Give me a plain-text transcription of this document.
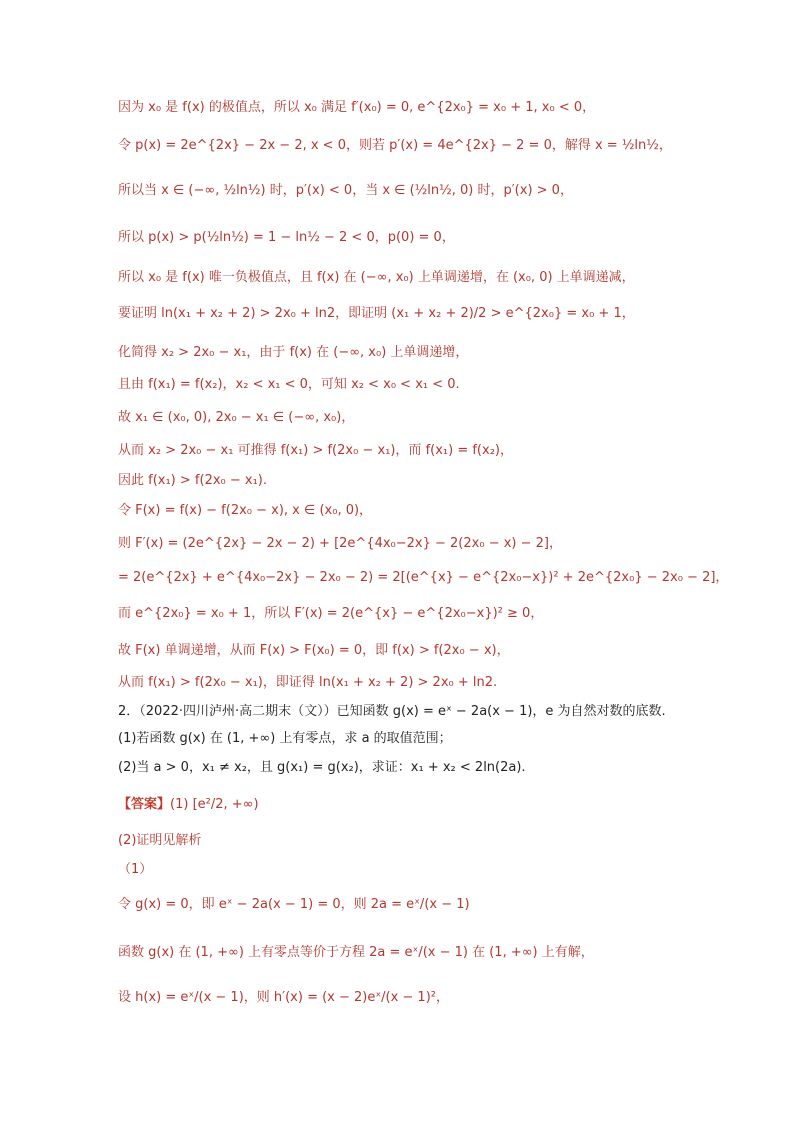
因为 x₀ 是 f(x) 的极值点，所以 x₀ 满足 f′(x₀) = 0, e^{2x₀} = x₀ + 1, x₀ < 0，
令 p(x) = 2e^{2x} − 2x − 2, x < 0，则若 p′(x) = 4e^{2x} − 2 = 0，解得 x = ½ln½，
所以当 x ∈ (−∞, ½ln½) 时，p′(x) < 0，当 x ∈ (½ln½, 0) 时，p′(x) > 0，
所以 p(x) > p(½ln½) = 1 − ln½ − 2 < 0，p(0) = 0，
所以 x₀ 是 f(x) 唯一负极值点，且 f(x) 在 (−∞, x₀) 上单调递增，在 (x₀, 0) 上单调递减，
要证明 ln(x₁ + x₂ + 2) > 2x₀ + ln2，即证明 (x₁ + x₂ + 2)/2 > e^{2x₀} = x₀ + 1，
化简得 x₂ > 2x₀ − x₁，由于 f(x) 在 (−∞, x₀) 上单调递增，
且由 f(x₁) = f(x₂)，x₂ < x₁ < 0，可知 x₂ < x₀ < x₁ < 0.
故 x₁ ∈ (x₀, 0), 2x₀ − x₁ ∈ (−∞, x₀)，
从而 x₂ > 2x₀ − x₁ 可推得 f(x₁) > f(2x₀ − x₁)，而 f(x₁) = f(x₂)，
因此 f(x₁) > f(2x₀ − x₁).
令 F(x) = f(x) − f(2x₀ − x), x ∈ (x₀, 0)，
则 F′(x) = (2e^{2x} − 2x − 2) + [2e^{4x₀−2x} − 2(2x₀ − x) − 2]，
= 2(e^{2x} + e^{4x₀−2x} − 2x₀ − 2) = 2[(e^{x} − e^{2x₀−x})² + 2e^{2x₀} − 2x₀ − 2]，
而 e^{2x₀} = x₀ + 1，所以 F′(x) = 2(e^{x} − e^{2x₀−x})² ≥ 0，
故 F(x) 单调递增，从而 F(x) > F(x₀) = 0，即 f(x) > f(2x₀ − x)，
从而 f(x₁) > f(2x₀ − x₁)，即证得 ln(x₁ + x₂ + 2) > 2x₀ + ln2.
2．（2022·四川泸州·高二期末（文））已知函数 g(x) = eˣ − 2a(x − 1)，e 为自然对数的底数.
(1)若函数 g(x) 在 (1, +∞) 上有零点，求 a 的取值范围；
(2)当 a > 0，x₁ ≠ x₂，且 g(x₁) = g(x₂)，求证：x₁ + x₂ < 2ln(2a).
【答案】(1) [e²/2, +∞)
(2)证明见解析
（1）
令 g(x) = 0，即 eˣ − 2a(x − 1) = 0，则 2a = eˣ/(x − 1)
函数 g(x) 在 (1, +∞) 上有零点等价于方程 2a = eˣ/(x − 1) 在 (1, +∞) 上有解，
设 h(x) = eˣ/(x − 1)，则 h′(x) = (x − 2)eˣ/(x − 1)²，
